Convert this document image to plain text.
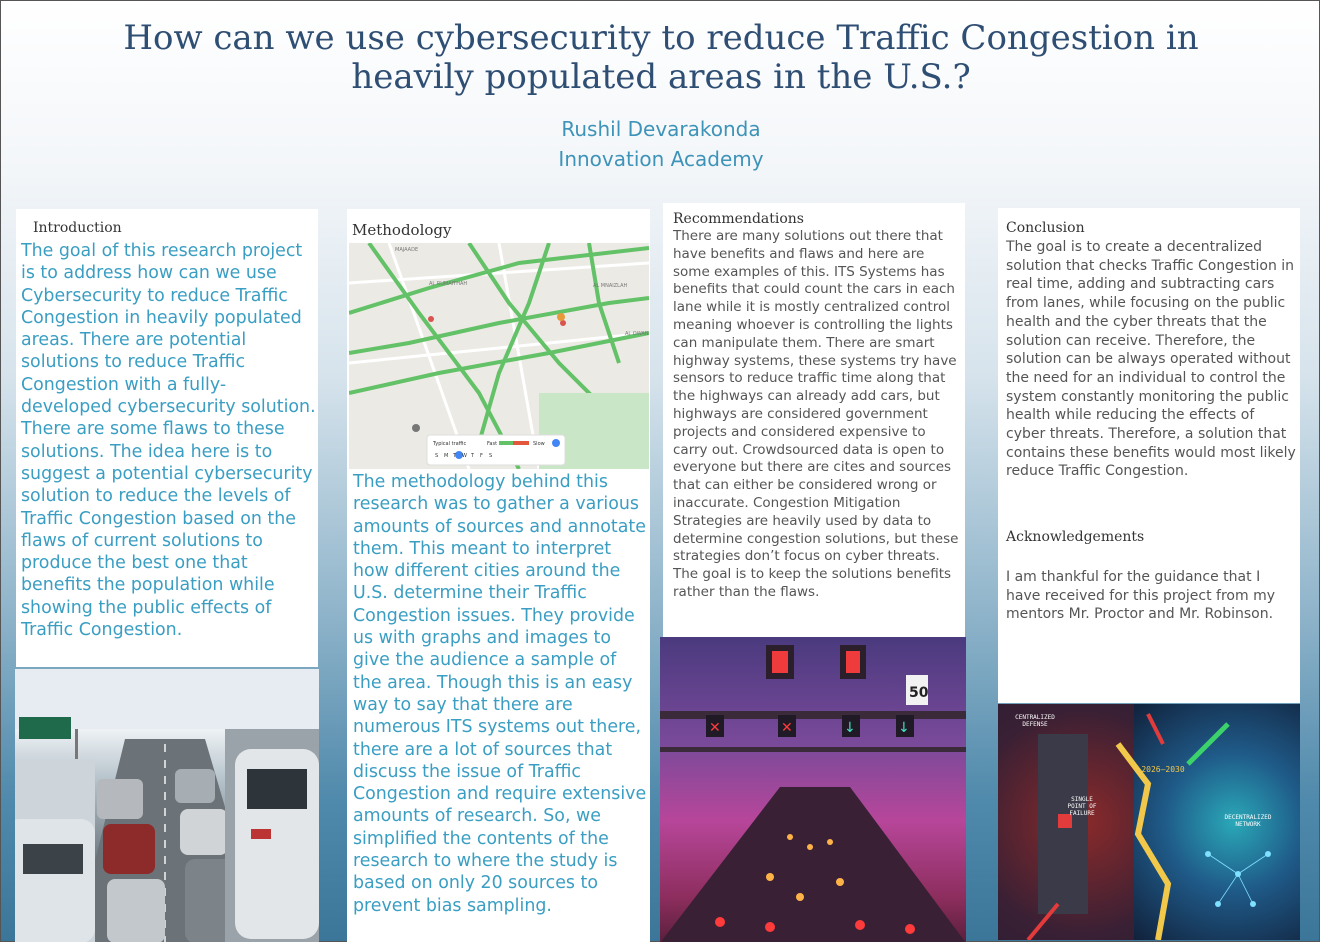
How can we use cybersecurity to reduce Traffic Congestion in
heavily populated areas in the U.S.?
Rushil Devarakonda
Innovation Academy
Introduction
The goal of this research project is to address how can we use Cybersecurity to reduce Traffic Congestion in heavily populated areas. There are potential solutions to reduce Traffic Congestion with a fully-developed cybersecurity solution. There are some flaws to these solutions. The idea here is to suggest a potential cybersecurity solution to reduce the levels of Traffic Congestion based on the flaws of current solutions to produce the best one that benefits the population while showing the public effects of Traffic Congestion.
Methodology
The methodology behind this research was to gather a various amounts of sources and annotate them. This meant to interpret how different cities around the U.S. determine their Traffic Congestion issues. They provide us with graphs and images to give the audience a sample of the area. Though this is an easy way to say that there are numerous ITS systems out there, there are a lot of sources that discuss the issue of Traffic Congestion and require extensive amounts of research. So, we simplified the contents of the research to where the study is based on only 20 sources to prevent bias sampling.
MAJAADE
AL RUMAITHAH	AL MNAIZLAH
AL OWAN
Typical traffic	Fast	Slow
S M T W T F S
Recommendations
There are many solutions out there that have benefits and flaws and here are some examples of this. ITS Systems has benefits that could count the cars in each lane while it is mostly centralized control meaning whoever is controlling the lights can manipulate them. There are smart highway systems, these systems try have sensors to reduce traffic time along that the highways can already add cars, but highways are considered government projects and considered expensive to carry out. Crowdsourced data is open to everyone but there are cites and sources that can either be considered wrong or inaccurate. Congestion Mitigation Strategies are heavily used by data to determine congestion solutions, but these strategies don’t focus on cyber threats. The goal is to keep the solutions benefits rather than the flaws.
50
✕	✕	↓	↓
Conclusion
The goal is to create a decentralized solution that checks Traffic Congestion in real time, adding and subtracting cars from lanes, while focusing on the public health and the cyber threats that the solution can receive. Therefore, the solution can be always operated without the need for an individual to control the system constantly monitoring the public health while reducing the effects of cyber threats. Therefore, a solution that contains these benefits would most likely reduce Traffic Congestion.
Acknowledgements
I am thankful for the guidance that I have received for this project from my mentors Mr. Proctor and Mr. Robinson.
CENTRALIZED DEFENSE
SINGLE POINT OF FAILURE
DECENTRALIZED NETWORK
2026–2030
